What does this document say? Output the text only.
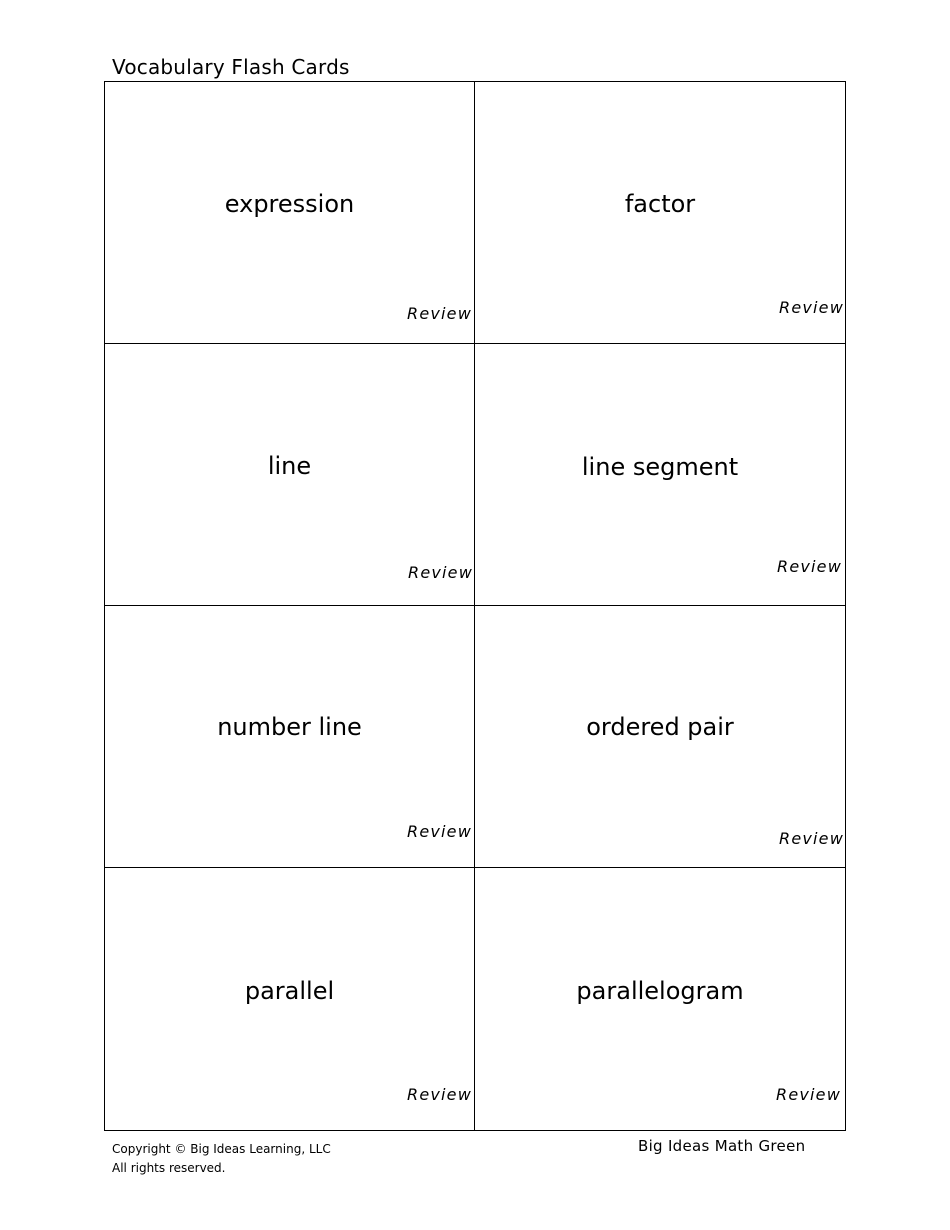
Vocabulary Flash Cards
expression
Review
factor
Review
line
Review
line segment
Review
number line
Review
ordered pair
Review
parallel
Review
parallelogram
Review
Copyright © Big Ideas Learning, LLC
All rights reserved.
Big Ideas Math Green
